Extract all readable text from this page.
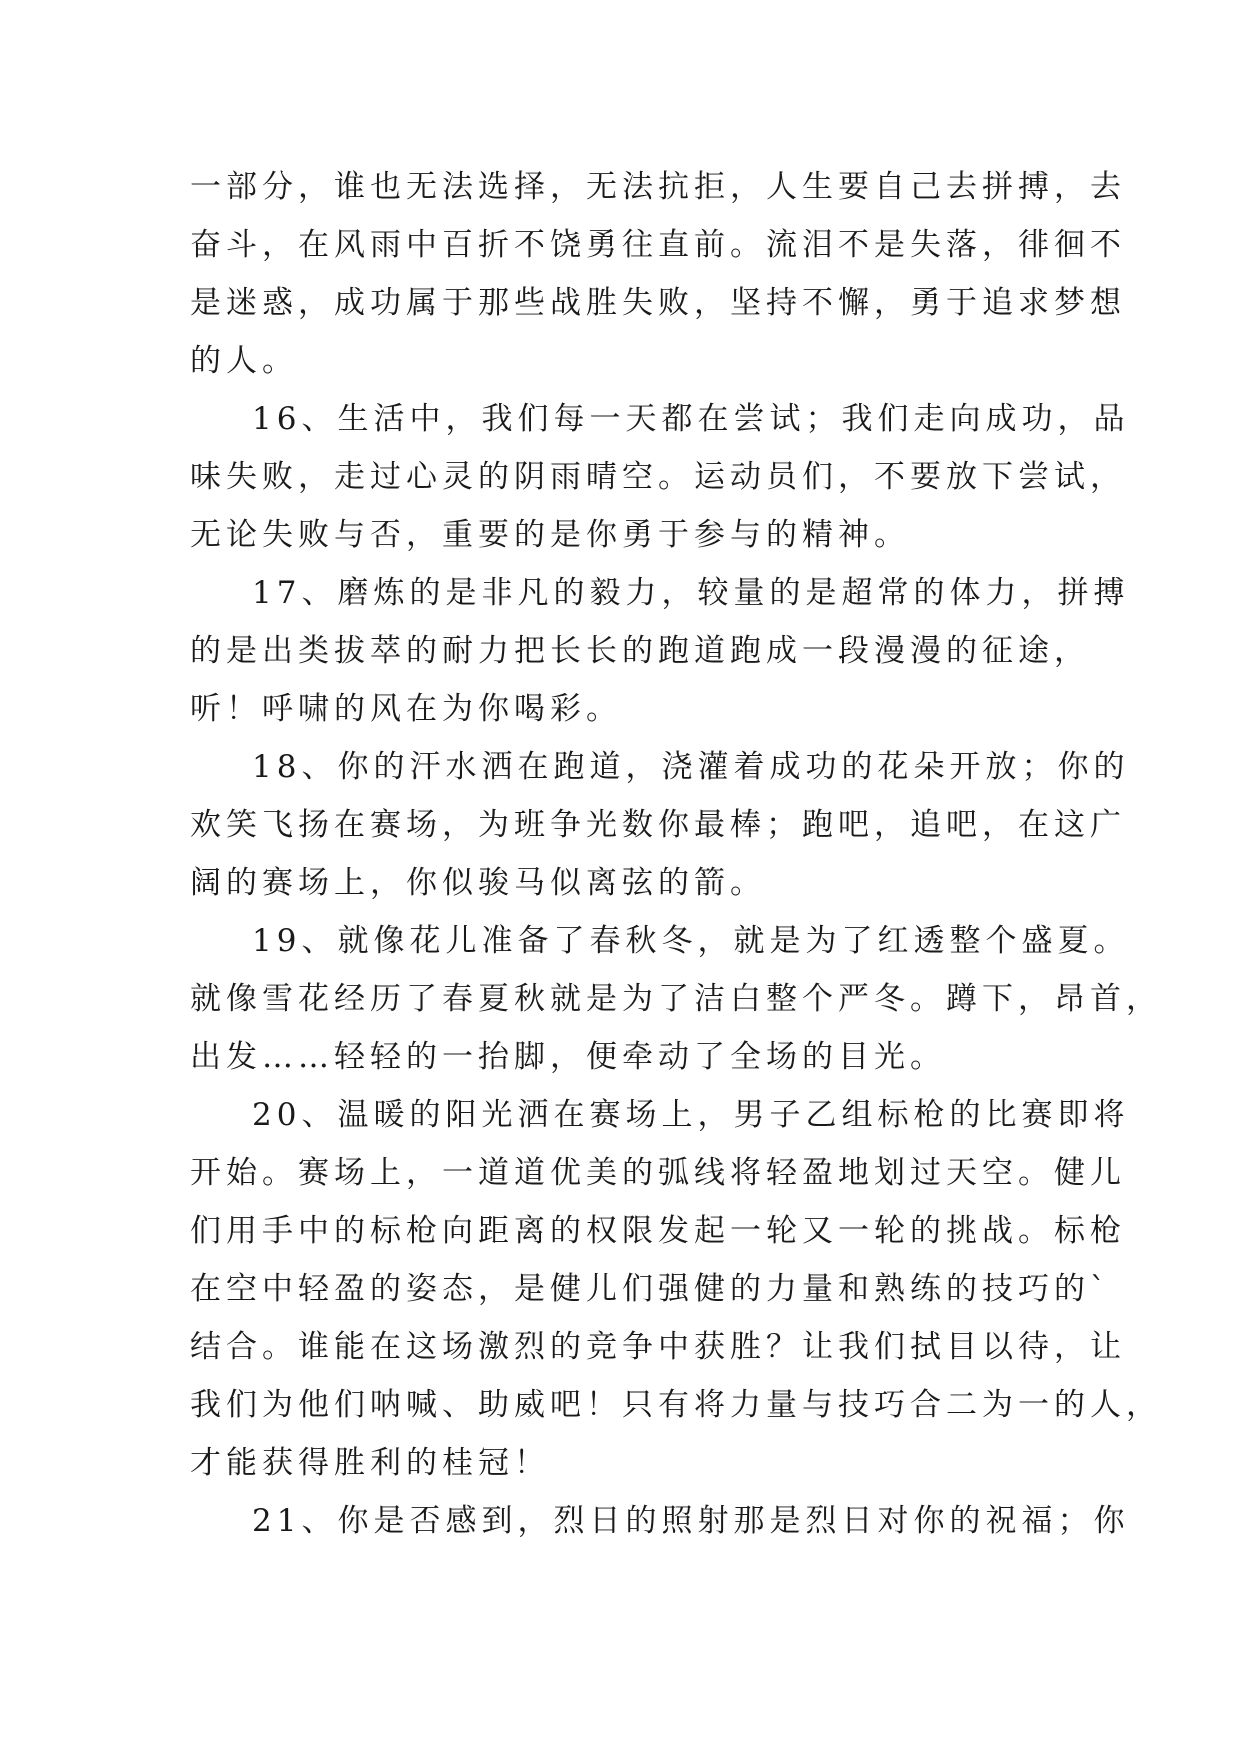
一部分，谁也无法选择，无法抗拒，人生要自己去拼搏，去
奋斗，在风雨中百折不饶勇往直前。流泪不是失落，徘徊不
是迷惑，成功属于那些战胜失败，坚持不懈，勇于追求梦想
的人。
16、生活中，我们每一天都在尝试；我们走向成功，品
味失败，走过心灵的阴雨晴空。运动员们，不要放下尝试，
无论失败与否，重要的是你勇于参与的精神。
17、磨炼的是非凡的毅力，较量的是超常的体力，拼搏
的是出类拔萃的耐力把长长的跑道跑成一段漫漫的征途，
听！呼啸的风在为你喝彩。
18、你的汗水洒在跑道，浇灌着成功的花朵开放；你的
欢笑飞扬在赛场，为班争光数你最棒；跑吧，追吧，在这广
阔的赛场上，你似骏马似离弦的箭。
19、就像花儿准备了春秋冬，就是为了红透整个盛夏。
就像雪花经历了春夏秋就是为了洁白整个严冬。蹲下，昂首，
出发……轻轻的一抬脚，便牵动了全场的目光。
20、温暖的阳光洒在赛场上，男子乙组标枪的比赛即将
开始。赛场上，一道道优美的弧线将轻盈地划过天空。健儿
们用手中的标枪向距离的权限发起一轮又一轮的挑战。标枪
在空中轻盈的姿态，是健儿们强健的力量和熟练的技巧的`
结合。谁能在这场激烈的竞争中获胜？让我们拭目以待，让
我们为他们呐喊、助威吧！只有将力量与技巧合二为一的人，
才能获得胜利的桂冠！
21、你是否感到，烈日的照射那是烈日对你的祝福；你
